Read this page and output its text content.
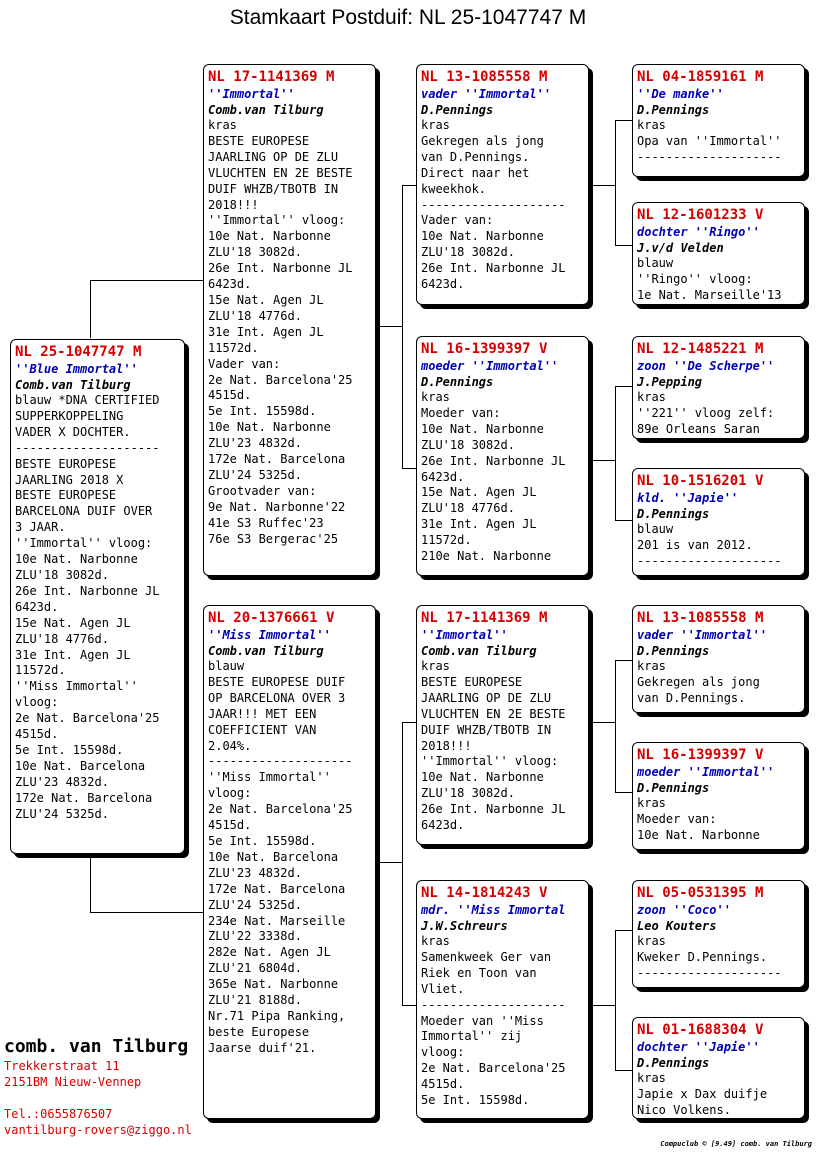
Stamkaart Postduif: NL 25-1047747 M
NL 25-1047747 M
''Blue Immortal''
Comb.van Tilburg
blauw *DNA CERTIFIED
SUPPERKOPPELING
VADER X DOCHTER.
--------------------
BESTE EUROPESE
JAARLING 2018 X
BESTE EUROPESE
BARCELONA DUIF OVER
3 JAAR.
''Immortal'' vloog:
10e Nat. Narbonne
ZLU'18 3082d.
26e Int. Narbonne JL
6423d.
15e Nat. Agen JL
ZLU'18 4776d.
31e Int. Agen JL
11572d.
''Miss Immortal''
vloog:
2e Nat. Barcelona'25
4515d.
5e Int. 15598d.
10e Nat. Barcelona
ZLU'23 4832d.
172e Nat. Barcelona
ZLU'24 5325d.
NL 17-1141369 M
''Immortal''
Comb.van Tilburg
kras
BESTE EUROPESE
JAARLING OP DE ZLU
VLUCHTEN EN 2E BESTE
DUIF WHZB/TBOTB IN
2018!!!
''Immortal'' vloog:
10e Nat. Narbonne
ZLU'18 3082d.
26e Int. Narbonne JL
6423d.
15e Nat. Agen JL
ZLU'18 4776d.
31e Int. Agen JL
11572d.
Vader van:
2e Nat. Barcelona'25
4515d.
5e Int. 15598d.
10e Nat. Narbonne
ZLU'23 4832d.
172e Nat. Barcelona
ZLU'24 5325d.
Grootvader van:
9e Nat. Narbonne'22
41e S3 Ruffec'23
76e S3 Bergerac'25
NL 20-1376661 V
''Miss Immortal''
Comb.van Tilburg
blauw
BESTE EUROPESE DUIF
OP BARCELONA OVER 3
JAAR!!! MET EEN
COEFFICIENT VAN
2.04%.
--------------------
''Miss Immortal''
vloog:
2e Nat. Barcelona'25
4515d.
5e Int. 15598d.
10e Nat. Barcelona
ZLU'23 4832d.
172e Nat. Barcelona
ZLU'24 5325d.
234e Nat. Marseille
ZLU'22 3338d.
282e Nat. Agen JL
ZLU'21 6804d.
365e Nat. Narbonne
ZLU'21 8188d.
Nr.71 Pipa Ranking,
beste Europese
Jaarse duif'21.
NL 13-1085558 M
vader ''Immortal''
D.Pennings
kras
Gekregen als jong
van D.Pennings.
Direct naar het
kweekhok.
--------------------
Vader van:
10e Nat. Narbonne
ZLU'18 3082d.
26e Int. Narbonne JL
6423d.
NL 16-1399397 V
moeder ''Immortal''
D.Pennings
kras
Moeder van:
10e Nat. Narbonne
ZLU'18 3082d.
26e Int. Narbonne JL
6423d.
15e Nat. Agen JL
ZLU'18 4776d.
31e Int. Agen JL
11572d.
210e Nat. Narbonne
NL 17-1141369 M
''Immortal''
Comb.van Tilburg
kras
BESTE EUROPESE
JAARLING OP DE ZLU
VLUCHTEN EN 2E BESTE
DUIF WHZB/TBOTB IN
2018!!!
''Immortal'' vloog:
10e Nat. Narbonne
ZLU'18 3082d.
26e Int. Narbonne JL
6423d.
NL 14-1814243 V
mdr. ''Miss Immortal
J.W.Schreurs
kras
Samenkweek Ger van
Riek en Toon van
Vliet.
--------------------
Moeder van ''Miss
Immortal'' zij
vloog:
2e Nat. Barcelona'25
4515d.
5e Int. 15598d.
NL 04-1859161 M
''De manke''
D.Pennings
kras
Opa van ''Immortal''
--------------------
NL 12-1601233 V
dochter ''Ringo''
J.v/d Velden
blauw
''Ringo'' vloog:
1e Nat. Marseille'13
NL 12-1485221 M
zoon ''De Scherpe''
J.Pepping
kras
''221'' vloog zelf:
89e Orleans Saran
NL 10-1516201 V
kld. ''Japie''
D.Pennings
blauw
201 is van 2012.
--------------------
NL 13-1085558 M
vader ''Immortal''
D.Pennings
kras
Gekregen als jong
van D.Pennings.
NL 16-1399397 V
moeder ''Immortal''
D.Pennings
kras
Moeder van:
10e Nat. Narbonne
NL 05-0531395 M
zoon ''Coco''
Leo Kouters
kras
Kweker D.Pennings.
--------------------
NL 01-1688304 V
dochter ''Japie''
D.Pennings
kras
Japie x Dax duifje
Nico Volkens.
comb. van Tilburg
Trekkerstraat 11
2151BM Nieuw-Vennep

Tel.:0655876507
vantilburg-rovers@ziggo.nl
Compuclub © [9.49] comb. van Tilburg
